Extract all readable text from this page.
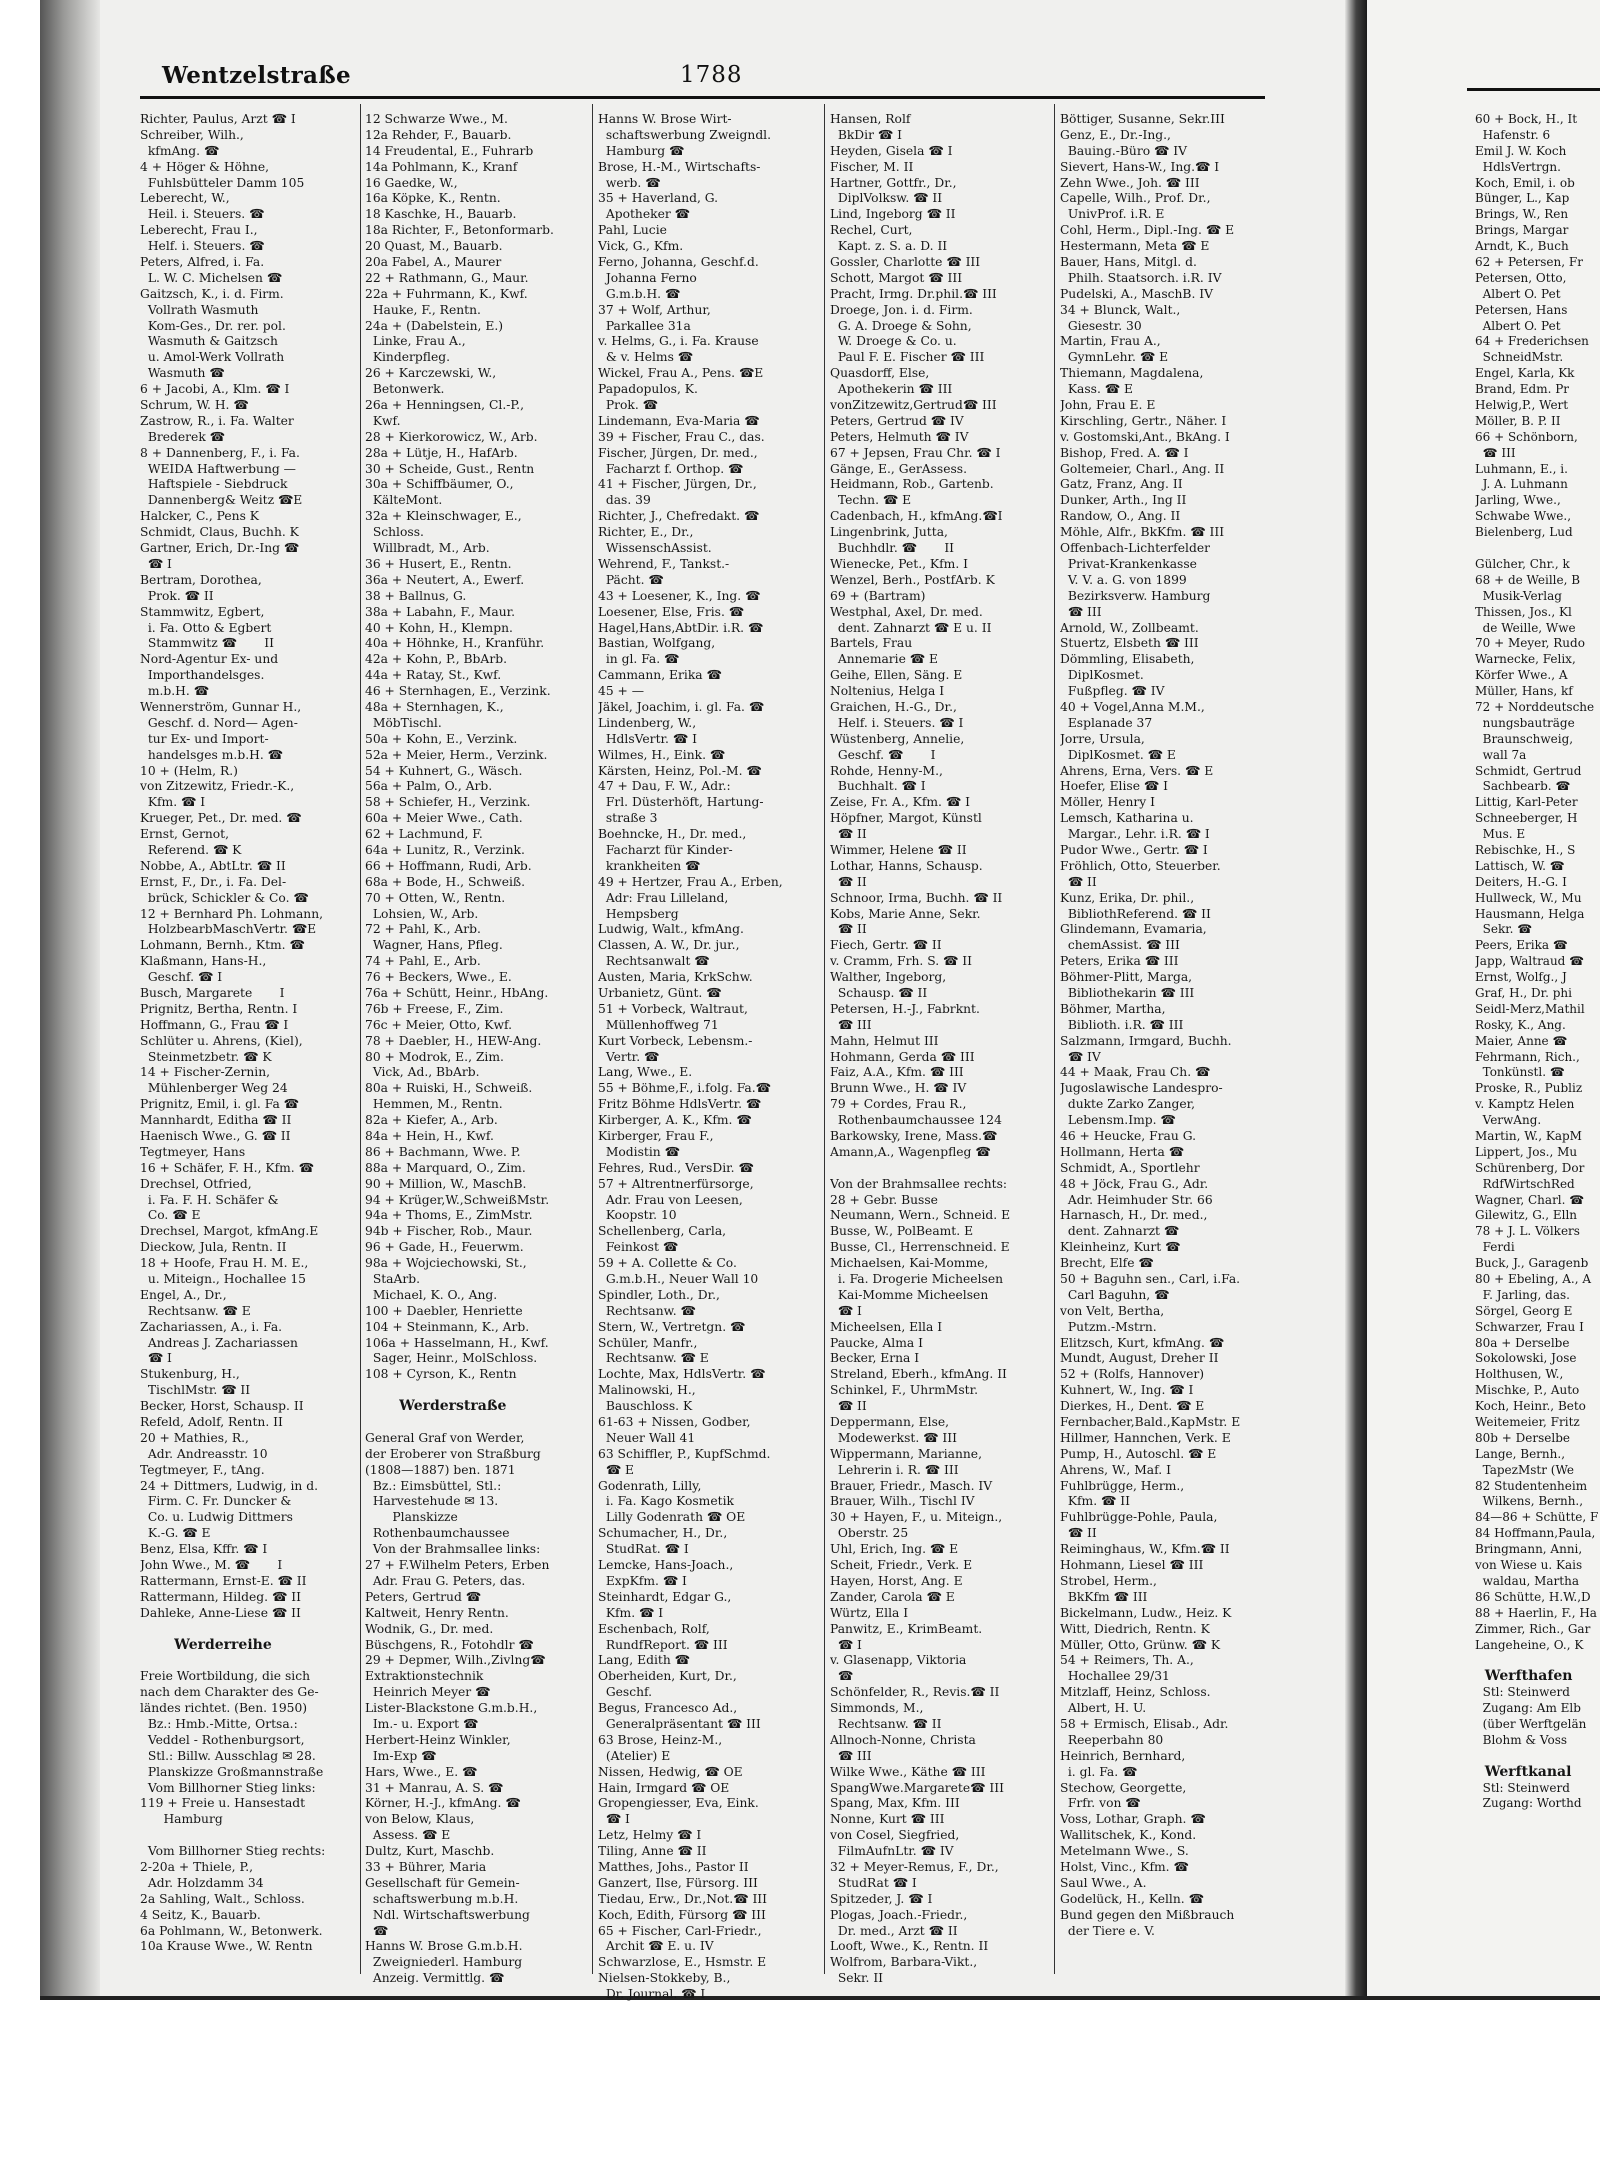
Wentzelstraße	1788
Richter, Paulus, Arzt ☎ I
Schreiber, Wilh.,
kfmAng. ☎
4 + Höger & Höhne,
Fuhlsbütteler Damm 105
Leberecht, W.,
Heil. i. Steuers. ☎
Leberecht, Frau I.,
Helf. i. Steuers. ☎
Peters, Alfred, i. Fa.
L. W. C. Michelsen ☎
Gaitzsch, K., i. d. Firm.
Vollrath Wasmuth
Kom-Ges., Dr. rer. pol.
Wasmuth & Gaitzsch
u. Amol-Werk Vollrath
Wasmuth ☎
6 + Jacobi, A., Klm. ☎ I
Schrum, W. H. ☎
Zastrow, R., i. Fa. Walter
Brederek ☎
8 + Dannenberg, F., i. Fa.
WEIDA Haftwerbung —
Haftspiele - Siebdruck
Dannenberg& Weitz ☎E
Halcker, C., Pens K
Schmidt, Claus, Buchh. K
Gartner, Erich, Dr.-Ing ☎
☎ I
Bertram, Dorothea,
Prok. ☎ II
Stammwitz, Egbert,
i. Fa. Otto & Egbert
Stammwitz ☎       II
Nord-Agentur Ex- und
Importhandelsges.
m.b.H. ☎
Wennerström, Gunnar H.,
Geschf. d. Nord— Agen-
tur Ex- und Import-
handelsges m.b.H. ☎
10 + (Helm, R.)
von Zitzewitz, Friedr.-K.,
Kfm. ☎ I
Krueger, Pet., Dr. med. ☎
Ernst, Gernot,
Referend. ☎ K
Nobbe, A., AbtLtr. ☎ II
Ernst, F., Dr., i. Fa. Del-
brück, Schickler & Co. ☎
12 + Bernhard Ph. Lohmann,
HolzbearbMaschVertr. ☎E
Lohmann, Bernh., Ktm. ☎
Klaßmann, Hans-H.,
Geschf. ☎ I
Busch, Margarete       I
Prignitz, Bertha, Rentn. I
Hoffmann, G., Frau ☎ I
Schlüter u. Ahrens, (Kiel),
Steinmetzbetr. ☎ K
14 + Fischer-Zernin,
Mühlenberger Weg 24
Prignitz, Emil, i. gl. Fa ☎
Mannhardt, Editha ☎ II
Haenisch Wwe., G. ☎ II
Tegtmeyer, Hans
16 + Schäfer, F. H., Kfm. ☎
Drechsel, Otfried,
i. Fa. F. H. Schäfer &
Co. ☎ E
Drechsel, Margot, kfmAng.E
Dieckow, Jula, Rentn. II
18 + Hoofe, Frau H. M. E.,
u. Miteign., Hochallee 15
Engel, A., Dr.,
Rechtsanw. ☎ E
Zachariassen, A., i. Fa.
Andreas J. Zachariassen
☎ I
Stukenburg, H.,
TischlMstr. ☎ II
Becker, Horst, Schausp. II
Refeld, Adolf, Rentn. II
20 + Mathies, R.,
Adr. Andreasstr. 10
Tegtmeyer, F., tAng.
24 + Dittmers, Ludwig, in d.
Firm. C. Fr. Duncker &
Co. u. Ludwig Dittmers
K.-G. ☎ E
Benz, Elsa, Kffr. ☎ I
John Wwe., M. ☎       I
Rattermann, Ernst-E. ☎ II
Rattermann, Hildeg. ☎ II
Dahleke, Anne-Liese ☎ II
Werderreihe
Freie Wortbildung, die sich
nach dem Charakter des Ge-
ländes richtet. (Ben. 1950)
Bz.: Hmb.-Mitte, Ortsa.:
Veddel - Rothenburgsort,
Stl.: Billw. Ausschlag ✉ 28.
Planskizze Großmannstraße
Vom Billhorner Stieg links:
119 + Freie u. Hansestadt
Hamburg
Vom Billhorner Stieg rechts:
2-20a + Thiele, P.,
Adr. Holzdamm 34
2a Sahling, Walt., Schloss.
4 Seitz, K., Bauarb.
6a Pohlmann, W., Betonwerk.
10a Krause Wwe., W. Rentn
12 Schwarze Wwe., M.
12a Rehder, F., Bauarb.
14 Freudental, E., Fuhrarb
14a Pohlmann, K., Kranf
16 Gaedke, W.,
16a Köpke, K., Rentn.
18 Kaschke, H., Bauarb.
18a Richter, F., Betonformarb.
20 Quast, M., Bauarb.
20a Fabel, A., Maurer
22 + Rathmann, G., Maur.
22a + Fuhrmann, K., Kwf.
Hauke, F., Rentn.
24a + (Dabelstein, E.)
Linke, Frau A.,
Kinderpfleg.
26 + Karczewski, W.,
Betonwerk.
26a + Henningsen, Cl.-P.,
Kwf.
28 + Kierkorowicz, W., Arb.
28a + Lütje, H., HafArb.
30 + Scheide, Gust., Rentn
30a + Schiffbäumer, O.,
KälteMont.
32a + Kleinschwager, E.,
Schloss.
Willbradt, M., Arb.
36 + Husert, E., Rentn.
36a + Neutert, A., Ewerf.
38 + Ballnus, G.
38a + Labahn, F., Maur.
40 + Kohn, H., Klempn.
40a + Höhnke, H., Kranführ.
42a + Kohn, P., BbArb.
44a + Ratay, St., Kwf.
46 + Sternhagen, E., Verzink.
48a + Sternhagen, K.,
MöbTischl.
50a + Kohn, E., Verzink.
52a + Meier, Herm., Verzink.
54 + Kuhnert, G., Wäsch.
56a + Palm, O., Arb.
58 + Schiefer, H., Verzink.
60a + Meier Wwe., Cath.
62 + Lachmund, F.
64a + Lunitz, R., Verzink.
66 + Hoffmann, Rudi, Arb.
68a + Bode, H., Schweiß.
70 + Otten, W., Rentn.
Lohsien, W., Arb.
72 + Pahl, K., Arb.
Wagner, Hans, Pfleg.
74 + Pahl, E., Arb.
76 + Beckers, Wwe., E.
76a + Schütt, Heinr., HbAng.
76b + Freese, F., Zim.
76c + Meier, Otto, Kwf.
78 + Daebler, H., HEW-Ang.
80 + Modrok, E., Zim.
Vick, Ad., BbArb.
80a + Ruiski, H., Schweiß.
Hemmen, M., Rentn.
82a + Kiefer, A., Arb.
84a + Hein, H., Kwf.
86 + Bachmann, Wwe. P.
88a + Marquard, O., Zim.
90 + Million, W., MaschB.
94 + Krüger,W.,SchweißMstr.
94a + Thoms, E., ZimMstr.
94b + Fischer, Rob., Maur.
96 + Gade, H., Feuerwm.
98a + Wojciechowski, St.,
StaArb.
Michael, K. O., Ang.
100 + Daebler, Henriette
104 + Steinmann, K., Arb.
106a + Hasselmann, H., Kwf.
Sager, Heinr., MolSchloss.
108 + Cyrson, K., Rentn
Werderstraße
General Graf von Werder,
der Eroberer von Straßburg
(1808—1887) ben. 1871
Bz.: Eimsbüttel, Stl.:
Harvestehude ✉ 13.
Planskizze
Rothenbaumchaussee
Von der Brahmsallee links:
27 + F.Wilhelm Peters, Erben
Adr. Frau G. Peters, das.
Peters, Gertrud ☎
Kaltweit, Henry Rentn.
Wodnik, G., Dr. med.
Büschgens, R., Fotohdlr ☎
29 + Depmer, Wilh.,Zivlng☎
Extraktionstechnik
Heinrich Meyer ☎
Lister-Blackstone G.m.b.H.,
Im.- u. Export ☎
Herbert-Heinz Winkler,
Im-Exp ☎
Hars, Wwe., E. ☎
31 + Manrau, A. S. ☎
Körner, H.-J., kfmAng. ☎
von Below, Klaus,
Assess. ☎ E
Dultz, Kurt, Maschb.
33 + Bührer, Maria
Gesellschaft für Gemein-
schaftswerbung m.b.H.
Ndl. Wirtschaftswerbung
☎
Hanns W. Brose G.m.b.H.
Zweigniederl. Hamburg
Anzeig. Vermittlg. ☎
Hanns W. Brose Wirt-
schaftswerbung Zweigndl.
Hamburg ☎
Brose, H.-M., Wirtschafts-
werb. ☎
35 + Haverland, G.
Apotheker ☎
Pahl, Lucie
Vick, G., Kfm.
Ferno, Johanna, Geschf.d.
Johanna Ferno
G.m.b.H. ☎
37 + Wolf, Arthur,
Parkallee 31a
v. Helms, G., i. Fa. Krause
& v. Helms ☎
Wickel, Frau A., Pens. ☎E
Papadopulos, K.
Prok. ☎
Lindemann, Eva-Maria ☎
39 + Fischer, Frau C., das.
Fischer, Jürgen, Dr. med.,
Facharzt f. Orthop. ☎
41 + Fischer, Jürgen, Dr.,
das. 39
Richter, J., Chefredakt. ☎
Richter, E., Dr.,
WissenschAssist.
Wehrend, F., Tankst.-
Pächt. ☎
43 + Loesener, K., Ing. ☎
Loesener, Else, Fris. ☎
Hagel,Hans,AbtDir. i.R. ☎
Bastian, Wolfgang,
in gl. Fa. ☎
Cammann, Erika ☎
45 + —
Jäkel, Joachim, i. gl. Fa. ☎
Lindenberg, W.,
HdlsVertr. ☎ I
Wilmes, H., Eink. ☎
Kärsten, Heinz, Pol.-M. ☎
47 + Dau, F. W., Adr.:
Frl. Düsterhöft, Hartung-
straße 3
Boehncke, H., Dr. med.,
Facharzt für Kinder-
krankheiten ☎
49 + Hertzer, Frau A., Erben,
Adr: Frau Lilleland,
Hempsberg
Ludwig, Walt., kfmAng.
Classen, A. W., Dr. jur.,
Rechtsanwalt ☎
Austen, Maria, KrkSchw.
Urbanietz, Günt. ☎
51 + Vorbeck, Waltraut,
Müllenhoffweg 71
Kurt Vorbeck, Lebensm.-
Vertr. ☎
Lang, Wwe., E.
55 + Böhme,F., i.folg. Fa.☎
Fritz Böhme HdlsVertr. ☎
Kirberger, A. K., Kfm. ☎
Kirberger, Frau F.,
Modistin ☎
Fehres, Rud., VersDir. ☎
57 + Altrentnerfürsorge,
Adr. Frau von Leesen,
Koopstr. 10
Schellenberg, Carla,
Feinkost ☎
59 + A. Collette & Co.
G.m.b.H., Neuer Wall 10
Spindler, Loth., Dr.,
Rechtsanw. ☎
Stern, W., Vertretgn. ☎
Schüler, Manfr.,
Rechtsanw. ☎ E
Lochte, Max, HdlsVertr. ☎
Malinowski, H.,
Bauschloss. K
61-63 + Nissen, Godber,
Neuer Wall 41
63 Schiffler, P., KupfSchmd.
☎ E
Godenrath, Lilly,
i. Fa. Kago Kosmetik
Lilly Godenrath ☎ OE
Schumacher, H., Dr.,
StudRat. ☎ I
Lemcke, Hans-Joach.,
ExpKfm. ☎ I
Steinhardt, Edgar G.,
Kfm. ☎ I
Eschenbach, Rolf,
RundfReport. ☎ III
Lang, Edith ☎
Oberheiden, Kurt, Dr.,
Geschf.
Begus, Francesco Ad.,
Generalpräsentant ☎ III
63 Brose, Heinz-M.,
(Atelier) E
Nissen, Hedwig, ☎ OE
Hain, Irmgard ☎ OE
Gropengiesser, Eva, Eink.
☎ I
Letz, Helmy ☎ I
Tiling, Anne ☎ II
Matthes, Johs., Pastor II
Ganzert, Ilse, Fürsorg. III
Tiedau, Erw., Dr.,Not.☎ III
Koch, Edith, Fürsorg ☎ III
65 + Fischer, Carl-Friedr.,
Archit ☎ E. u. IV
Schwarzlose, E., Hsmstr. E
Nielsen-Stokkeby, B.,
Dr. Journal. ☎ I
Hansen, Rolf
BkDir ☎ I
Heyden, Gisela ☎ I
Fischer, M. II
Hartner, Gottfr., Dr.,
DiplVolksw. ☎ II
Lind, Ingeborg ☎ II
Rechel, Curt,
Kapt. z. S. a. D. II
Gossler, Charlotte ☎ III
Schott, Margot ☎ III
Pracht, Irmg. Dr.phil.☎ III
Droege, Jon. i. d. Firm.
G. A. Droege & Sohn,
W. Droege & Co. u.
Paul F. E. Fischer ☎ III
Quasdorff, Else,
Apothekerin ☎ III
vonZitzewitz,Gertrud☎ III
Peters, Gertrud ☎ IV
Peters, Helmuth ☎ IV
67 + Jepsen, Frau Chr. ☎ I
Gänge, E., GerAssess.
Heidmann, Rob., Gartenb.
Techn. ☎ E
Cadenbach, H., kfmAng.☎I
Lingenbrink, Jutta,
Buchhdlr. ☎       II
Wienecke, Pet., Kfm. I
Wenzel, Berh., PostfArb. K
69 + (Bartram)
Westphal, Axel, Dr. med.
dent. Zahnarzt ☎ E u. II
Bartels, Frau
Annemarie ☎ E
Geihe, Ellen, Säng. E
Noltenius, Helga I
Graichen, H.-G., Dr.,
Helf. i. Steuers. ☎ I
Wüstenberg, Annelie,
Geschf. ☎       I
Rohde, Henny-M.,
Buchhalt. ☎ I
Zeise, Fr. A., Kfm. ☎ I
Höpfner, Margot, Künstl
☎ II
Wimmer, Helene ☎ II
Lothar, Hanns, Schausp.
☎ II
Schnoor, Irma, Buchh. ☎ II
Kobs, Marie Anne, Sekr.
☎ II
Fiech, Gertr. ☎ II
v. Cramm, Frh. S. ☎ II
Walther, Ingeborg,
Schausp. ☎ II
Petersen, H.-J., Fabrknt.
☎ III
Mahn, Helmut III
Hohmann, Gerda ☎ III
Faiz, A.A., Kfm. ☎ III
Brunn Wwe., H. ☎ IV
79 + Cordes, Frau R.,
Rothenbaumchaussee 124
Barkowsky, Irene, Mass.☎
Amann,A., Wagenpfleg ☎
Von der Brahmsallee rechts:
28 + Gebr. Busse
Neumann, Wern., Schneid. E
Busse, W., PolBeamt. E
Busse, Cl., Herrenschneid. E
Michaelsen, Kai-Momme,
i. Fa. Drogerie Micheelsen
Kai-Momme Micheelsen
☎ I
Micheelsen, Ella I
Paucke, Alma I
Becker, Erna I
Streland, Eberh., kfmAng. II
Schinkel, F., UhrmMstr.
☎ II
Deppermann, Else,
Modewerkst. ☎ III
Wippermann, Marianne,
Lehrerin i. R. ☎ III
Brauer, Friedr., Masch. IV
Brauer, Wilh., Tischl IV
30 + Hayen, F., u. Miteign.,
Oberstr. 25
Uhl, Erich, Ing. ☎ E
Scheit, Friedr., Verk. E
Hayen, Horst, Ang. E
Zander, Carola ☎ E
Würtz, Ella I
Panwitz, E., KrimBeamt.
☎ I
v. Glasenapp, Viktoria
☎
Schönfelder, R., Revis.☎ II
Simmonds, M.,
Rechtsanw. ☎ II
Allnoch-Nonne, Christa
☎ III
Wilke Wwe., Käthe ☎ III
SpangWwe.Margarete☎ III
Spang, Max, Kfm. III
Nonne, Kurt ☎ III
von Cosel, Siegfried,
FilmAufnLtr. ☎ IV
32 + Meyer-Remus, F., Dr.,
StudRat ☎ I
Spitzeder, J. ☎ I
Plogas, Joach.-Friedr.,
Dr. med., Arzt ☎ II
Looft, Wwe., K., Rentn. II
Wolfrom, Barbara-Vikt.,
Sekr. II
Böttiger, Susanne, Sekr.III
Genz, E., Dr.-Ing.,
Bauing.-Büro ☎ IV
Sievert, Hans-W., Ing.☎ I
Zehn Wwe., Joh. ☎ III
Capelle, Wilh., Prof. Dr.,
UnivProf. i.R. E
Cohl, Herm., Dipl.-Ing. ☎ E
Hestermann, Meta ☎ E
Bauer, Hans, Mitgl. d.
Philh. Staatsorch. i.R. IV
Pudelski, A., MaschB. IV
34 + Blunck, Walt.,
Giesestr. 30
Martin, Frau A.,
GymnLehr. ☎ E
Thiemann, Magdalena,
Kass. ☎ E
John, Frau E. E
Kirschling, Gertr., Näher. I
v. Gostomski,Ant., BkAng. I
Bishop, Fred. A. ☎ I
Goltemeier, Charl., Ang. II
Gatz, Franz, Ang. II
Dunker, Arth., Ing II
Randow, O., Ang. II
Möhle, Alfr., BkKfm. ☎ III
Offenbach-Lichterfelder
Privat-Krankenkasse
V. V. a. G. von 1899
Bezirksverw. Hamburg
☎ III
Arnold, W., Zollbeamt.
Stuertz, Elsbeth ☎ III
Dömmling, Elisabeth,
DiplKosmet.
Fußpfleg. ☎ IV
40 + Vogel,Anna M.M.,
Esplanade 37
Jorre, Ursula,
DiplKosmet. ☎ E
Ahrens, Erna, Vers. ☎ E
Hoefer, Elise ☎ I
Möller, Henry I
Lemsch, Katharina u.
Margar., Lehr. i.R. ☎ I
Pudor Wwe., Gertr. ☎ I
Fröhlich, Otto, Steuerber.
☎ II
Kunz, Erika, Dr. phil.,
BibliothReferend. ☎ II
Glindemann, Evamaria,
chemAssist. ☎ III
Peters, Erika ☎ III
Böhmer-Plitt, Marga,
Bibliothekarin ☎ III
Böhmer, Martha,
Biblioth. i.R. ☎ III
Salzmann, Irmgard, Buchh.
☎ IV
44 + Maak, Frau Ch. ☎
Jugoslawische Landespro-
dukte Zarko Zanger,
Lebensm.Imp. ☎
46 + Heucke, Frau G.
Hollmann, Herta ☎
Schmidt, A., Sportlehr
48 + Jöck, Frau G., Adr.
Adr. Heimhuder Str. 66
Harnasch, H., Dr. med.,
dent. Zahnarzt ☎
Kleinheinz, Kurt ☎
Brecht, Elfe ☎
50 + Baguhn sen., Carl, i.Fa.
Carl Baguhn, ☎
von Velt, Bertha,
Putzm.-Mstrn.
Elitzsch, Kurt, kfmAng. ☎
Mundt, August, Dreher II
52 + (Rolfs, Hannover)
Kuhnert, W., Ing. ☎ I
Dierkes, H., Dent. ☎ E
Fernbacher,Bald.,KapMstr. E
Hillmer, Hannchen, Verk. E
Pump, H., Autoschl. ☎ E
Ahrens, W., Maf. I
Fuhlbrügge, Herm.,
Kfm. ☎ II
Fuhlbrügge-Pohle, Paula,
☎ II
Reiminghaus, W., Kfm.☎ II
Hohmann, Liesel ☎ III
Strobel, Herm.,
BkKfm ☎ III
Bickelmann, Ludw., Heiz. K
Witt, Diedrich, Rentn. K
Müller, Otto, Grünw. ☎ K
54 + Reimers, Th. A.,
Hochallee 29/31
Mitzlaff, Heinz, Schloss.
Albert, H. U.
58 + Ermisch, Elisab., Adr.
Reeperbahn 80
Heinrich, Bernhard,
i. gl. Fa. ☎
Stechow, Georgette,
Frfr. von ☎
Voss, Lothar, Graph. ☎
Wallitschek, K., Kond.
Metelmann Wwe., S.
Holst, Vinc., Kfm. ☎
Saul Wwe., A.
Godelück, H., Kelln. ☎
Bund gegen den Mißbrauch
der Tiere e. V.
60 + Bock, H., It
Hafenstr. 6
Emil J. W. Koch
HdlsVertrgn.
Koch, Emil, i. ob
Bünger, L., Kap
Brings, W., Ren
Brings, Margar
Arndt, K., Buch
62 + Petersen, Fr
Petersen, Otto,
Albert O. Pet
Petersen, Hans
Albert O. Pet
64 + Frederichsen
SchneidMstr.
Engel, Karla, Kk
Brand, Edm. Pr
Helwig,P., Wert
Möller, B. P. II
66 + Schönborn,
☎ III
Luhmann, E., i.
J. A. Luhmann
Jarling, Wwe.,
Schwabe Wwe.,
Bielenberg, Lud
Gülcher, Chr., k
68 + de Weille, B
Musik-Verlag
Thissen, Jos., Kl
de Weille, Wwe
70 + Meyer, Rudo
Warnecke, Felix,
Körfer Wwe., A
Müller, Hans, kf
72 + Norddeutsche
nungsbauträge
Braunschweig,
wall 7a
Schmidt, Gertrud
Sachbearb. ☎
Littig, Karl-Peter
Schneeberger, H
Mus. E
Rebischke, H., S
Lattisch, W. ☎
Deiters, H.-G. I
Hullweck, W., Mu
Hausmann, Helga
Sekr. ☎
Peers, Erika ☎
Japp, Waltraud ☎
Ernst, Wolfg., J
Graf, H., Dr. phi
Seidl-Merz,Mathil
Rosky, K., Ang.
Maier, Anne ☎
Fehrmann, Rich.,
Tonkünstl. ☎
Proske, R., Publiz
v. Kamptz Helen
VerwAng.
Martin, W., KapM
Lippert, Jos., Mu
Schürenberg, Dor
RdfWirtschRed
Wagner, Charl. ☎
Gilewitz, G., Elln
78 + J. L. Völkers
Ferdi
Buck, J., Garagenb
80 + Ebeling, A., A
F. Jarling, das.
Sörgel, Georg E
Schwarzer, Frau I
80a + Derselbe
Sokolowski, Jose
Holthusen, W.,
Mischke, P., Auto
Koch, Heinr., Beto
Weitemeier, Fritz
80b + Derselbe
Lange, Bernh.,
TapezMstr (We
82 Studentenheim
Wilkens, Bernh.,
84—86 + Schütte, F
84 Hoffmann,Paula,
Bringmann, Anni,
von Wiese u. Kais
waldau, Martha
86 Schütte, H.W.,D
88 + Haerlin, F., Ha
Zimmer, Rich., Gar
Langeheine, O., K
Werfthafen
Stl: Steinwerd
Zugang: Am Elb
(über Werftgelän
Blohm & Voss
Werftkanal
Stl: Steinwerd
Zugang: Worthd
